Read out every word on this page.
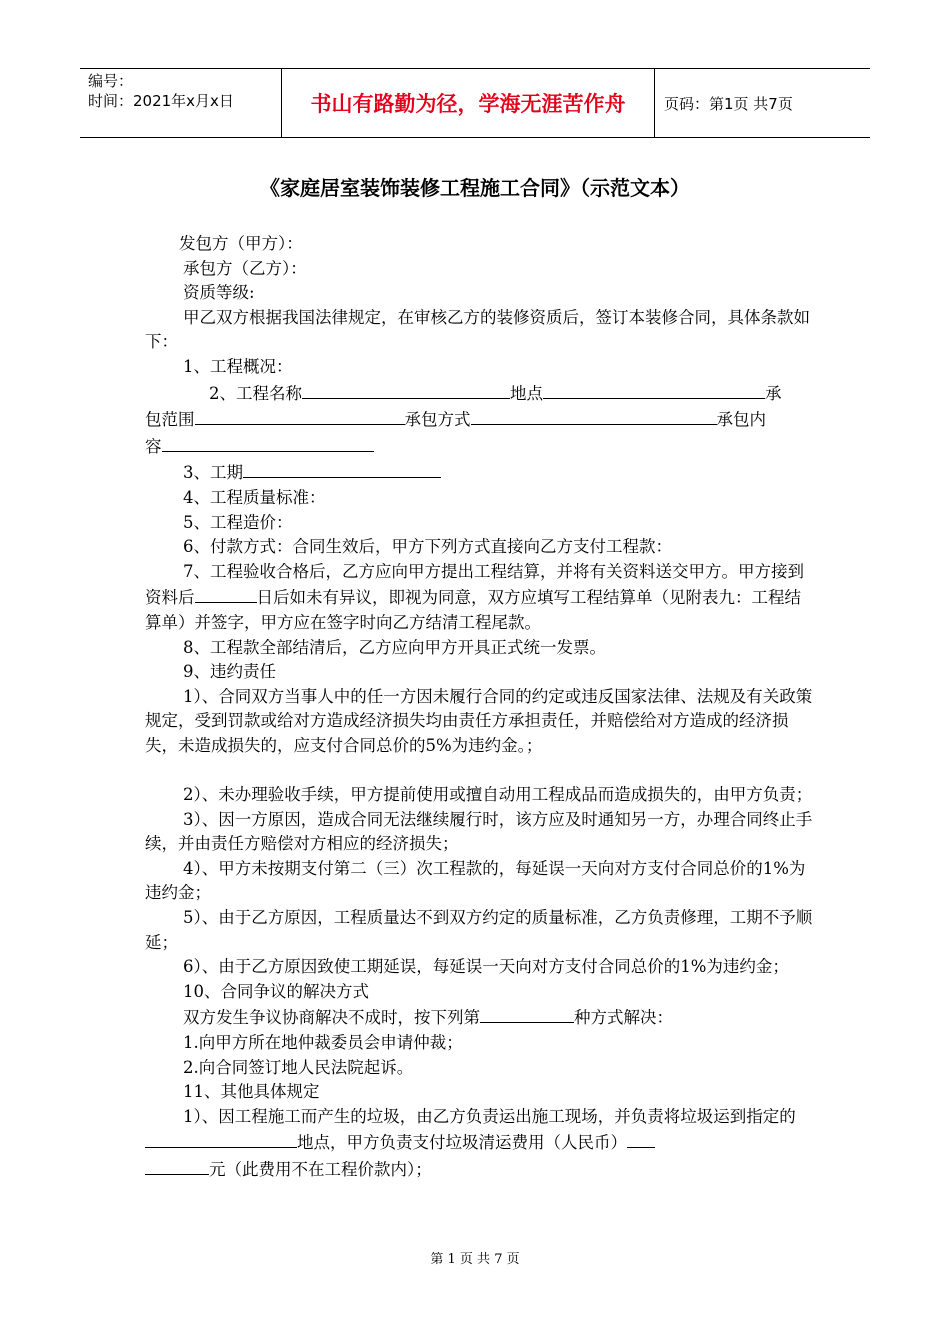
编号：
时间：2021年x月x日	书山有路勤为径，学海无涯苦作舟	页码：第1页 共7页
《家庭居室装饰装修工程施工合同》（示范文本）

发包方（甲方）：

承包方（乙方）：

资质等级:

甲乙双方根据我国法律规定，在审核乙方的装修资质后，签订本装修合同，具体条款如下：

1、工程概况：

2、工程名称	地点	承
包范围	承包方式	承包内
容

3、工期

4、工程质量标准：

5、工程造价：

6、付款方式：合同生效后，甲方下列方式直接向乙方支付工程款：

7、工程验收合格后，乙方应向甲方提出工程结算，并将有关资料送交甲方。甲方接到资料后	日后如未有异议，即视为同意，双方应填写工程结算单（见附表九：工程结算单）并签字，甲方应在签字时向乙方结清工程尾款。

8、工程款全部结清后，乙方应向甲方开具正式统一发票。

9、违约责任

1）、合同双方当事人中的任一方因未履行合同的约定或违反国家法律、法规及有关政策规定，受到罚款或给对方造成经济损失均由责任方承担责任，并赔偿给对方造成的经济损失，未造成损失的，应支付合同总价的5%为违约金。；

2）、未办理验收手续，甲方提前使用或擅自动用工程成品而造成损失的，由甲方负责；

3）、因一方原因，造成合同无法继续履行时，该方应及时通知另一方，办理合同终止手续，并由责任方赔偿对方相应的经济损失；

4）、甲方未按期支付第二（三）次工程款的，每延误一天向对方支付合同总价的1%为违约金；

5）、由于乙方原因，工程质量达不到双方约定的质量标准，乙方负责修理，工期不予顺延；

6）、由于乙方原因致使工期延误，每延误一天向对方支付合同总价的1%为违约金；

10、合同争议的解决方式

双方发生争议协商解决不成时，按下列第	种方式解决：

1.向甲方所在地仲裁委员会申请仲裁；

2.向合同签订地人民法院起诉。

11、其他具体规定

1）、因工程施工而产生的垃圾，由乙方负责运出施工现场，并负责将垃圾运到指定的地点，甲方负责支付垃圾清运费用（人民币）
元（此费用不在工程价款内）；

第 1 页 共 7 页
